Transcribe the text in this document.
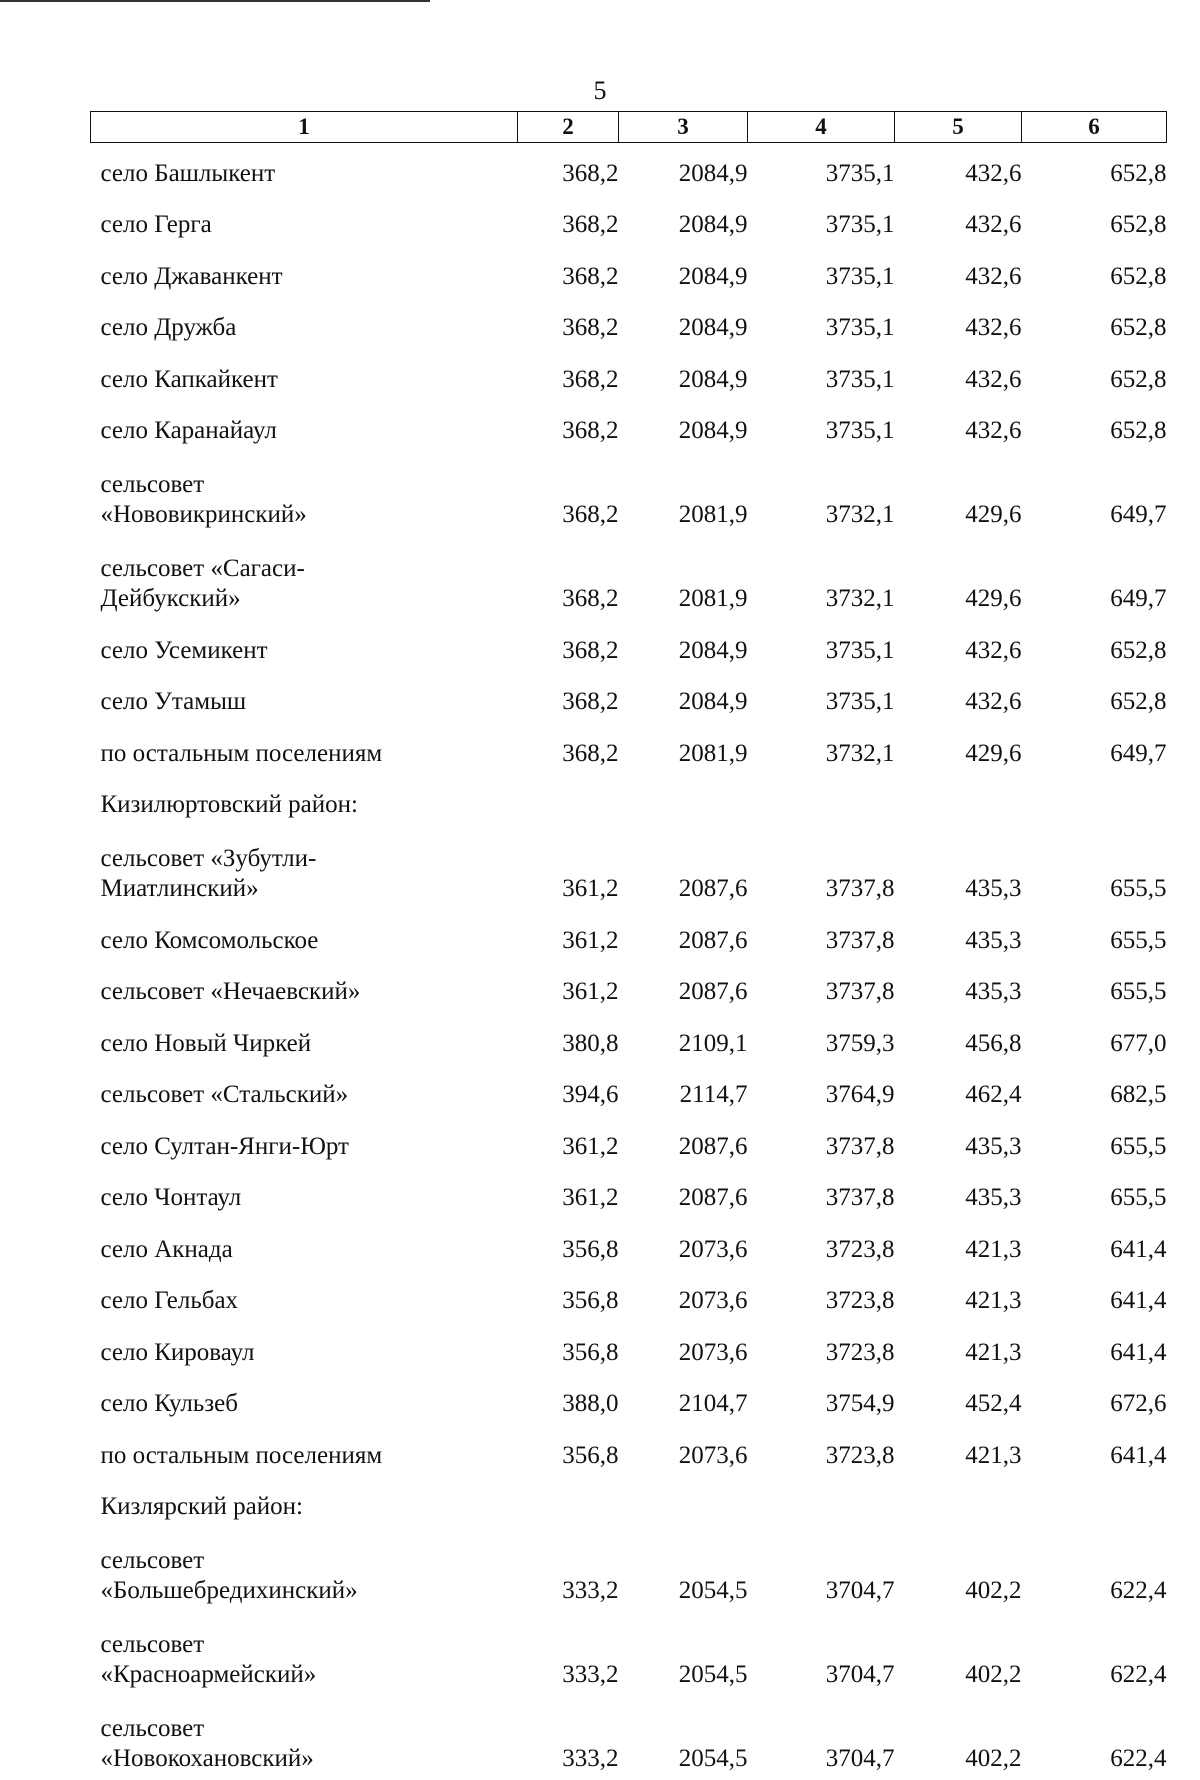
5
1	2	3	4	5	6
село Башлыкент	368,2	2084,9	3735,1	432,6	652,8
село Герга	368,2	2084,9	3735,1	432,6	652,8
село Джаванкент	368,2	2084,9	3735,1	432,6	652,8
село Дружба	368,2	2084,9	3735,1	432,6	652,8
село Капкайкент	368,2	2084,9	3735,1	432,6	652,8
село Каранайаул	368,2	2084,9	3735,1	432,6	652,8

сельсовет
«Нововикринский»	368,2	2081,9	3732,1	429,6	649,7

сельсовет «Сагаси-
Дейбукский»	368,2	2081,9	3732,1	429,6	649,7
село Усемикент	368,2	2084,9	3735,1	432,6	652,8
село Утамыш	368,2	2084,9	3735,1	432,6	652,8
по остальным поселениям	368,2	2081,9	3732,1	429,6	649,7
Кизилюртовский район:					

сельсовет «Зубутли-
Миатлинский»	361,2	2087,6	3737,8	435,3	655,5
село Комсомольское	361,2	2087,6	3737,8	435,3	655,5
сельсовет «Нечаевский»	361,2	2087,6	3737,8	435,3	655,5
село Новый Чиркей	380,8	2109,1	3759,3	456,8	677,0
сельсовет «Стальский»	394,6	2114,7	3764,9	462,4	682,5
село Султан-Янги-Юрт	361,2	2087,6	3737,8	435,3	655,5
село Чонтаул	361,2	2087,6	3737,8	435,3	655,5
село Акнада	356,8	2073,6	3723,8	421,3	641,4
село Гельбах	356,8	2073,6	3723,8	421,3	641,4
село Кироваул	356,8	2073,6	3723,8	421,3	641,4
село Кульзеб	388,0	2104,7	3754,9	452,4	672,6
по остальным поселениям	356,8	2073,6	3723,8	421,3	641,4
Кизлярский район:					

сельсовет
«Большебредихинский»	333,2	2054,5	3704,7	402,2	622,4

сельсовет
«Красноармейский»	333,2	2054,5	3704,7	402,2	622,4

сельсовет
«Новокохановский»	333,2	2054,5	3704,7	402,2	622,4
